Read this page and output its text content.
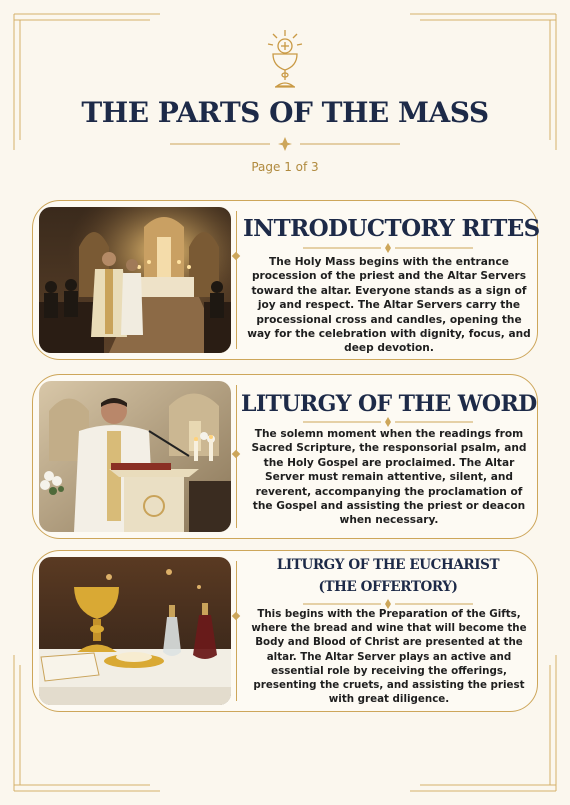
THE PARTS OF THE MASS
Page 1 of 3
INTRODUCTORY RITES
The Holy Mass begins with the entrance procession of the priest and the Altar Servers toward the altar. Everyone stands as a sign of joy and respect. The Altar Servers carry the processional cross and candles, opening the way for the celebration with dignity, focus, and deep devotion.
LITURGY OF THE WORD
The solemn moment when the readings from Sacred Scripture, the responsorial psalm, and the Holy Gospel are proclaimed. The Altar Server must remain attentive, silent, and reverent, accompanying the proclamation of the Gospel and assisting the priest or deacon when necessary.
LITURGY OF THE EUCHARIST
(THE OFFERTORY)
This begins with the Preparation of the Gifts, where the bread and wine that will become the Body and Blood of Christ are presented at the altar. The Altar Server plays an active and essential role by receiving the offerings, presenting the cruets, and assisting the priest with great diligence.
